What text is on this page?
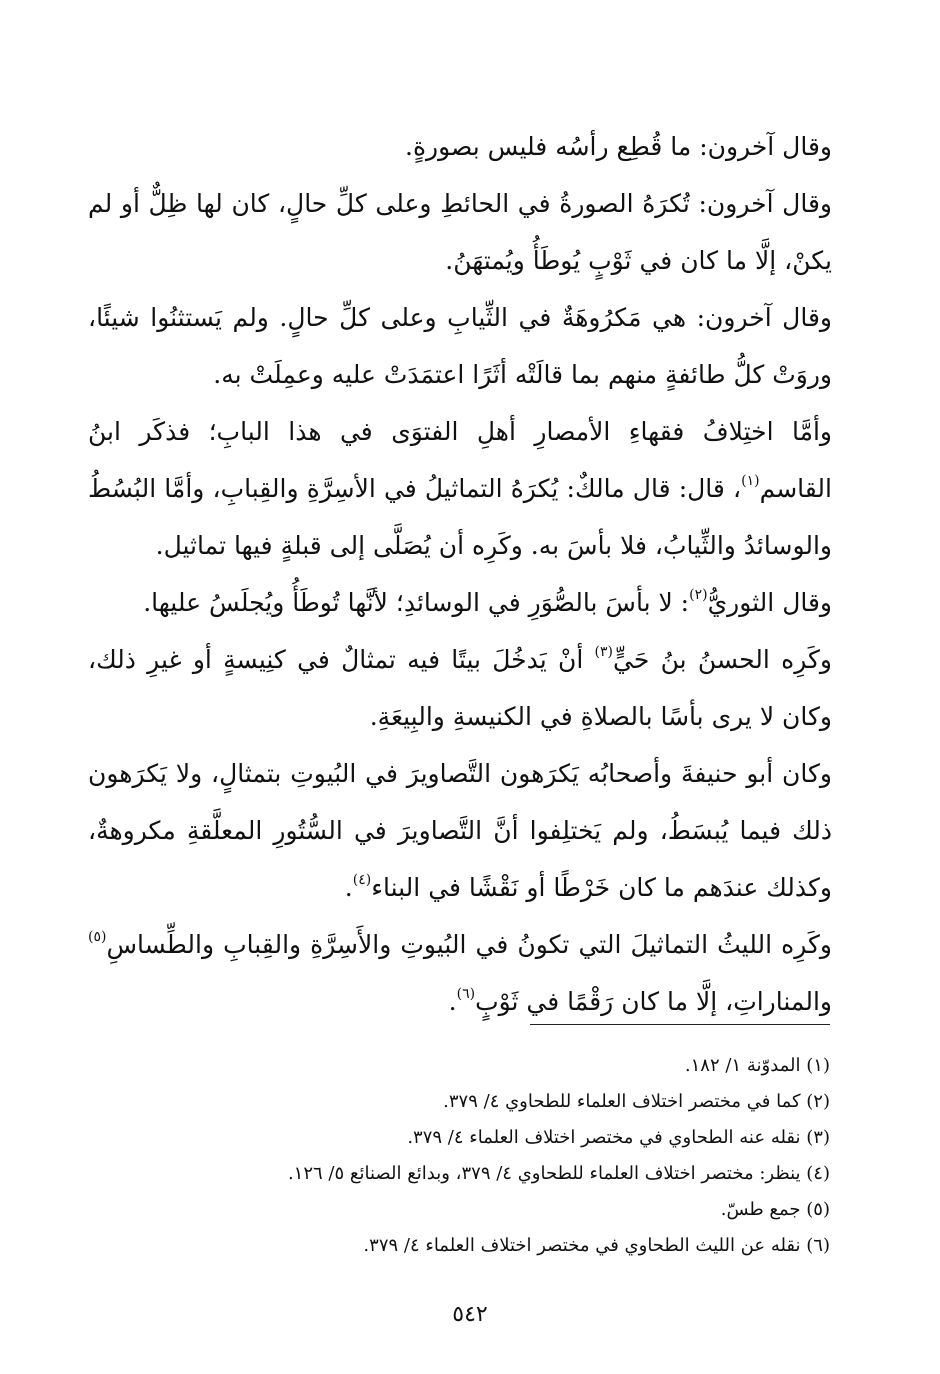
وقال آخرون: ما قُطِع رأسُه فليس بصورةٍ.

وقال آخرون: تُكرَهُ الصورةُ في الحائطِ وعلى كلِّ حالٍ، كان لها ظِلٌّ أو لم يكنْ، إلَّا ما كان في ثَوْبٍ يُوطَأُ ويُمتهَنُ.

وقال آخرون: هي مَكرُوهَةٌ في الثِّيابِ وعلى كلِّ حالٍ. ولم يَستثنُوا شيئًا، وروَتْ كلُّ طائفةٍ منهم بما قالَتْه أثَرًا اعتمَدَتْ عليه وعمِلَتْ به.

وأمَّا اختِلافُ فقهاءِ الأمصارِ أهلِ الفتوَى في هذا البابِ؛ فذكَر ابنُ القاسم$^{(١)}$، قال: قال مالكٌ: يُكرَهُ التماثيلُ في الأسِرَّةِ والقِبابِ، وأمَّا البُسُطُ والوسائدُ والثِّيابُ، فلا بأسَ به. وكَرِه أن يُصَلَّى إلى قبلةٍ فيها تماثيل.

وقال الثوريُّ$^{(٢)}$: لا بأسَ بالصُّوَرِ في الوسائدِ؛ لأنَّها تُوطَأُ ويُجلَسُ عليها.

وكَرِه الحسنُ بنُ حَيٍّ$^{(٣)}$ أنْ يَدخُلَ بيتًا فيه تمثالٌ في كنِيسةٍ أو غيرِ ذلك، وكان لا يرى بأسًا بالصلاةِ في الكنيسةِ والبِيعَةِ.

وكان أبو حنيفةَ وأصحابُه يَكرَهون التَّصاويرَ في البُيوتِ بتمثالٍ، ولا يَكرَهون ذلك فيما يُبسَطُ، ولم يَختلِفوا أنَّ التَّصاويرَ في السُّتُورِ المعلَّقةِ مكروهةٌ، وكذلك عندَهم ما كان خَرْطًا أو نَقْشًا في البناء$^{(٤)}$.

وكَرِه الليثُ التماثيلَ التي تكونُ في البُيوتِ والأَسِرَّةِ والقِبابِ والطِّساسِ$^{(٥)}$ والمناراتِ، إلَّا ما كان رَقْمًا في ثَوْبٍ$^{(٦)}$.

(١) المدوّنة ١/ ١٨٢.
(٢) كما في مختصر اختلاف العلماء للطحاوي ٤/ ٣٧٩.
(٣) نقله عنه الطحاوي في مختصر اختلاف العلماء ٤/ ٣٧٩.
(٤) ينظر: مختصر اختلاف العلماء للطحاوي ٤/ ٣٧٩، وبدائع الصنائع ٥/ ١٢٦.
(٥) جمع طسّ.
(٦) نقله عن الليث الطحاوي في مختصر اختلاف العلماء ٤/ ٣٧٩.
٥٤٢
